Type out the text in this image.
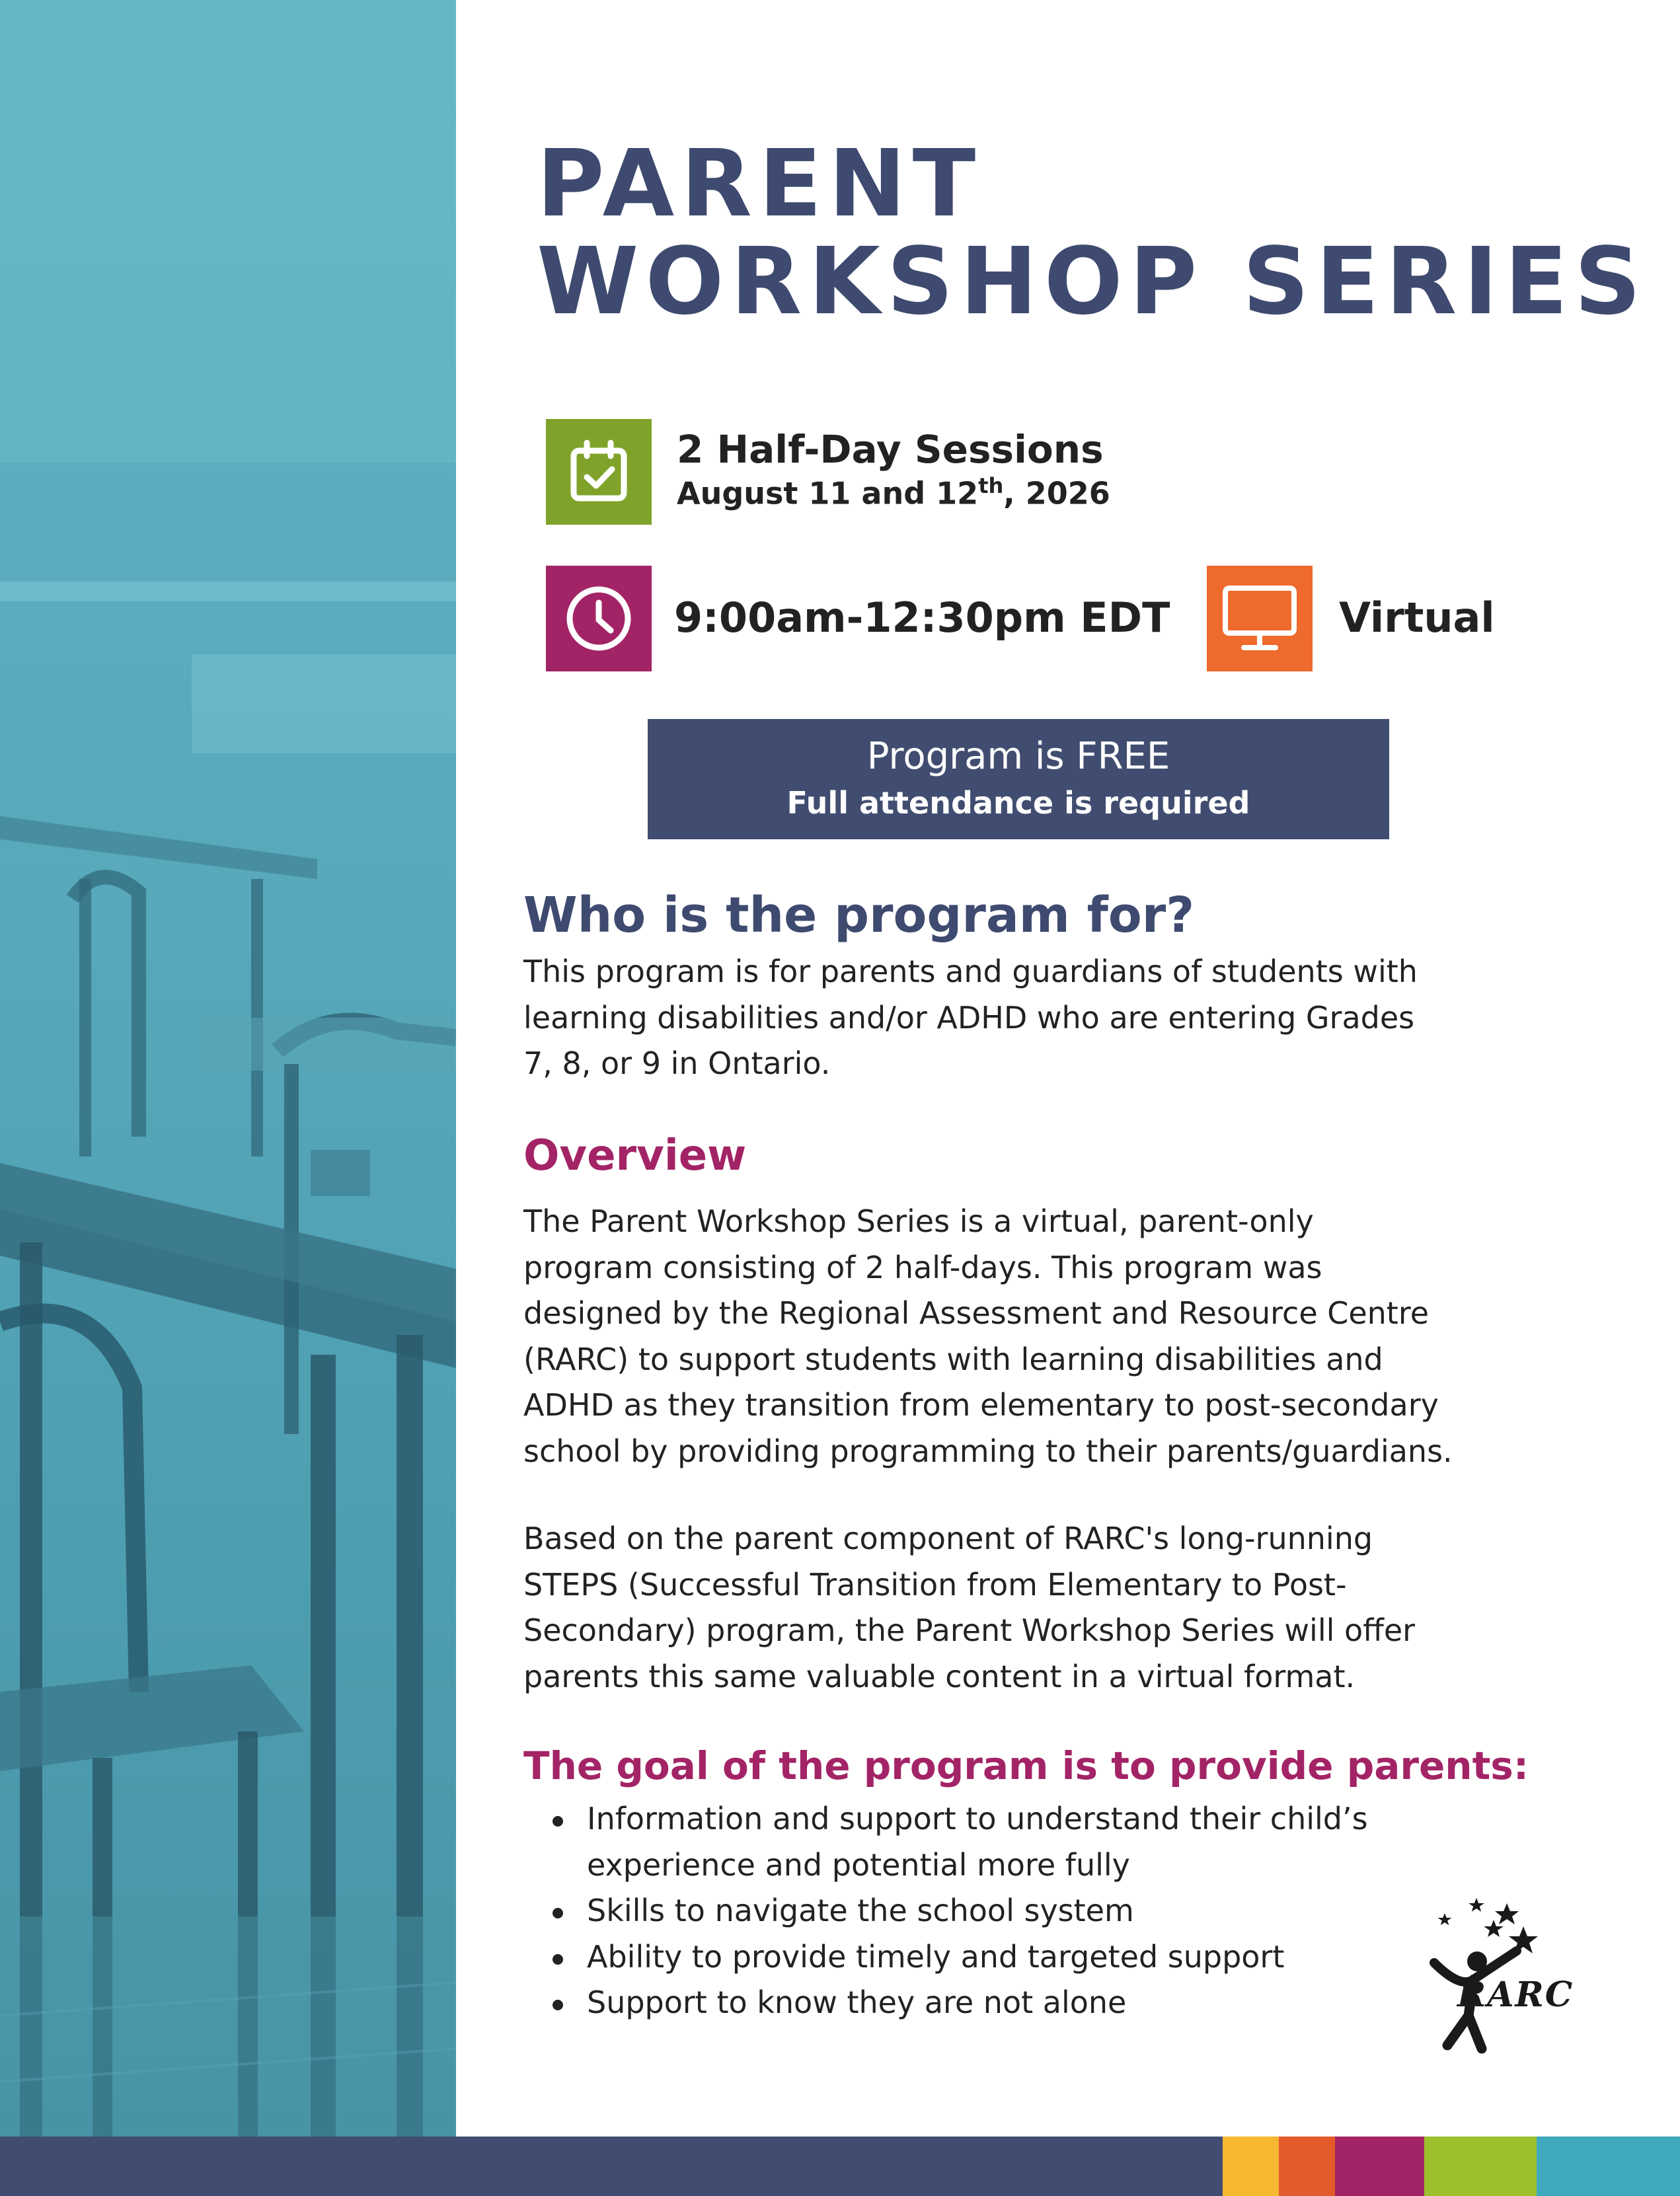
PARENT
WORKSHOP SERIES
2 Half-Day Sessions
August 11 and 12th, 2026
9:00am-12:30pm EDT	Virtual
Program is FREE
Full attendance is required
Who is the program for?
This program is for parents and guardians of students with
learning disabilities and/or ADHD who are entering Grades
7, 8, or 9 in Ontario.
Overview
The Parent Workshop Series is a virtual, parent-only
program consisting of 2 half-days. This program was
designed by the Regional Assessment and Resource Centre
(RARC) to support students with learning disabilities and
ADHD as they transition from elementary to post-secondary
school by providing programming to their parents/guardians.
Based on the parent component of RARC's long-running
STEPS (Successful Transition from Elementary to Post-
Secondary) program, the Parent Workshop Series will offer
parents this same valuable content in a virtual format.
The goal of the program is to provide parents:
Information and support to understand their child’s
experience and potential more fully
Skills to navigate the school system
Ability to provide timely and targeted support
Support to know they are not alone	RARC
